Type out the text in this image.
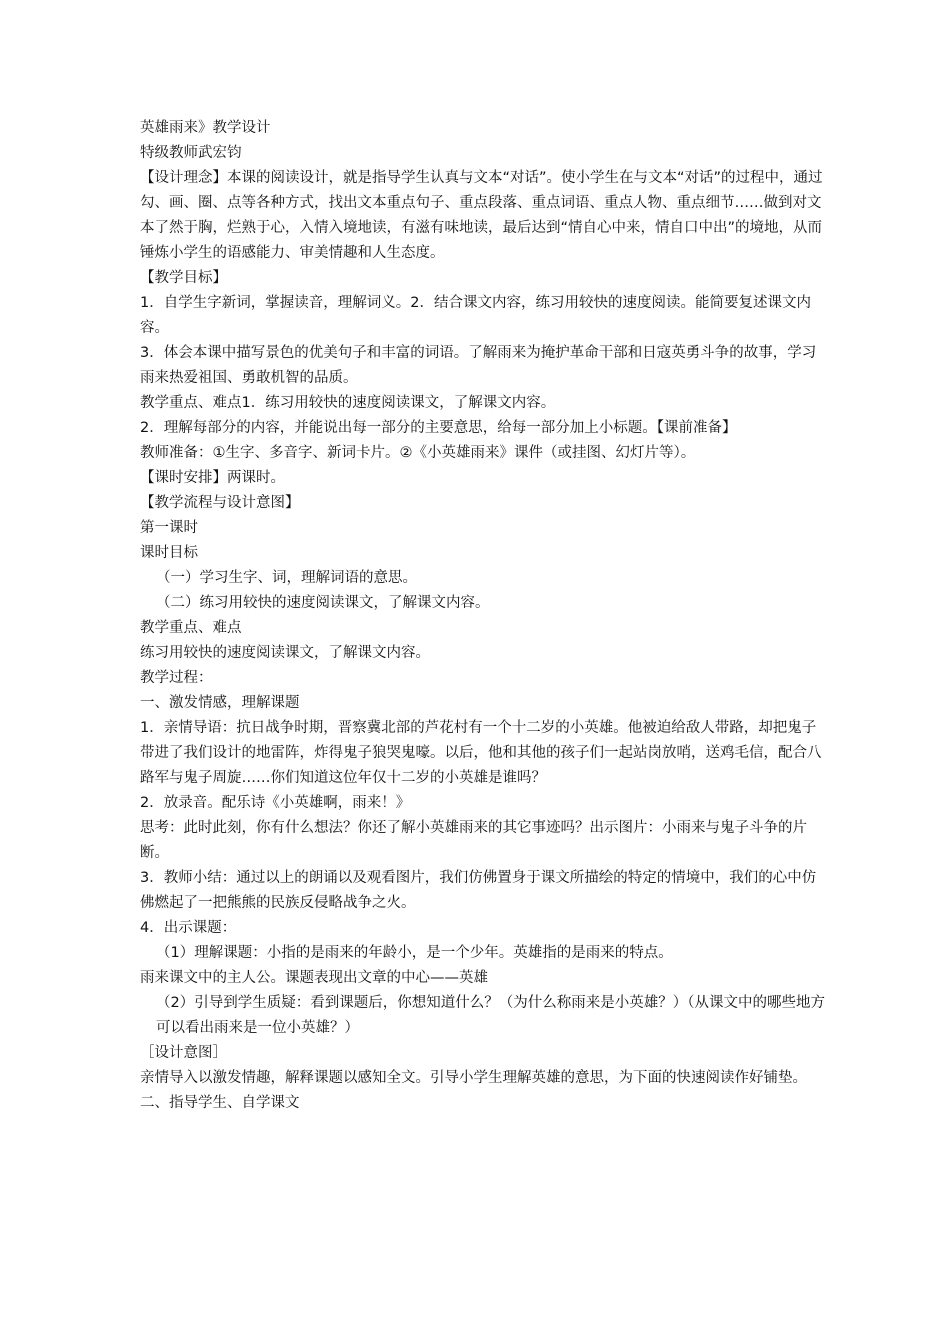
英雄雨来》教学设计

特级教师武宏钧

【设计理念】本课的阅读设计，就是指导学生认真与文本“对话”。使小学生在与文本“对话”的过程中，通过勾、画、圈、点等各种方式，找出文本重点句子、重点段落、重点词语、重点人物、重点细节……做到对文本了然于胸，烂熟于心，入情入境地读，有滋有味地读，最后达到“情自心中来，情自口中出”的境地，从而锤炼小学生的语感能力、审美情趣和人生态度。

【教学目标】

1．自学生字新词，掌握读音，理解词义。2．结合课文内容，练习用较快的速度阅读。能简要复述课文内容。

3．体会本课中描写景色的优美句子和丰富的词语。了解雨来为掩护革命干部和日寇英勇斗争的故事，学习雨来热爱祖国、勇敢机智的品质。

教学重点、难点1．练习用较快的速度阅读课文，了解课文内容。

2．理解每部分的内容，并能说出每一部分的主要意思，给每一部分加上小标题。【课前准备】

教师准备：①生字、多音字、新词卡片。②《小英雄雨来》课件（或挂图、幻灯片等）。

【课时安排】两课时。

【教学流程与设计意图】

第一课时

课时目标

（一）学习生字、词，理解词语的意思。

（二）练习用较快的速度阅读课文，了解课文内容。

教学重点、难点

练习用较快的速度阅读课文，了解课文内容。

教学过程：

一、激发情感，理解课题

1．亲情导语：抗日战争时期，晋察冀北部的芦花村有一个十二岁的小英雄。他被迫给敌人带路，却把鬼子带进了我们设计的地雷阵，炸得鬼子狼哭鬼嚎。以后，他和其他的孩子们一起站岗放哨，送鸡毛信，配合八路军与鬼子周旋……你们知道这位年仅十二岁的小英雄是谁吗？

2．放录音。配乐诗《小英雄啊，雨来！》

思考：此时此刻，你有什么想法？你还了解小英雄雨来的其它事迹吗？出示图片：小雨来与鬼子斗争的片断。

3．教师小结：通过以上的朗诵以及观看图片，我们仿佛置身于课文所描绘的特定的情境中，我们的心中仿佛燃起了一把熊熊的民族反侵略战争之火。

4．出示课题：

（1）理解课题：小指的是雨来的年龄小，是一个少年。英雄指的是雨来的特点。

雨来课文中的主人公。课题表现出文章的中心——英雄

（2）引导到学生质疑：看到课题后，你想知道什么？（为什么称雨来是小英雄？）（从课文中的哪些地方可以看出雨来是一位小英雄？）

［设计意图］

亲情导入以激发情趣，解释课题以感知全文。引导小学生理解英雄的意思，为下面的快速阅读作好铺垫。

二、指导学生、自学课文
